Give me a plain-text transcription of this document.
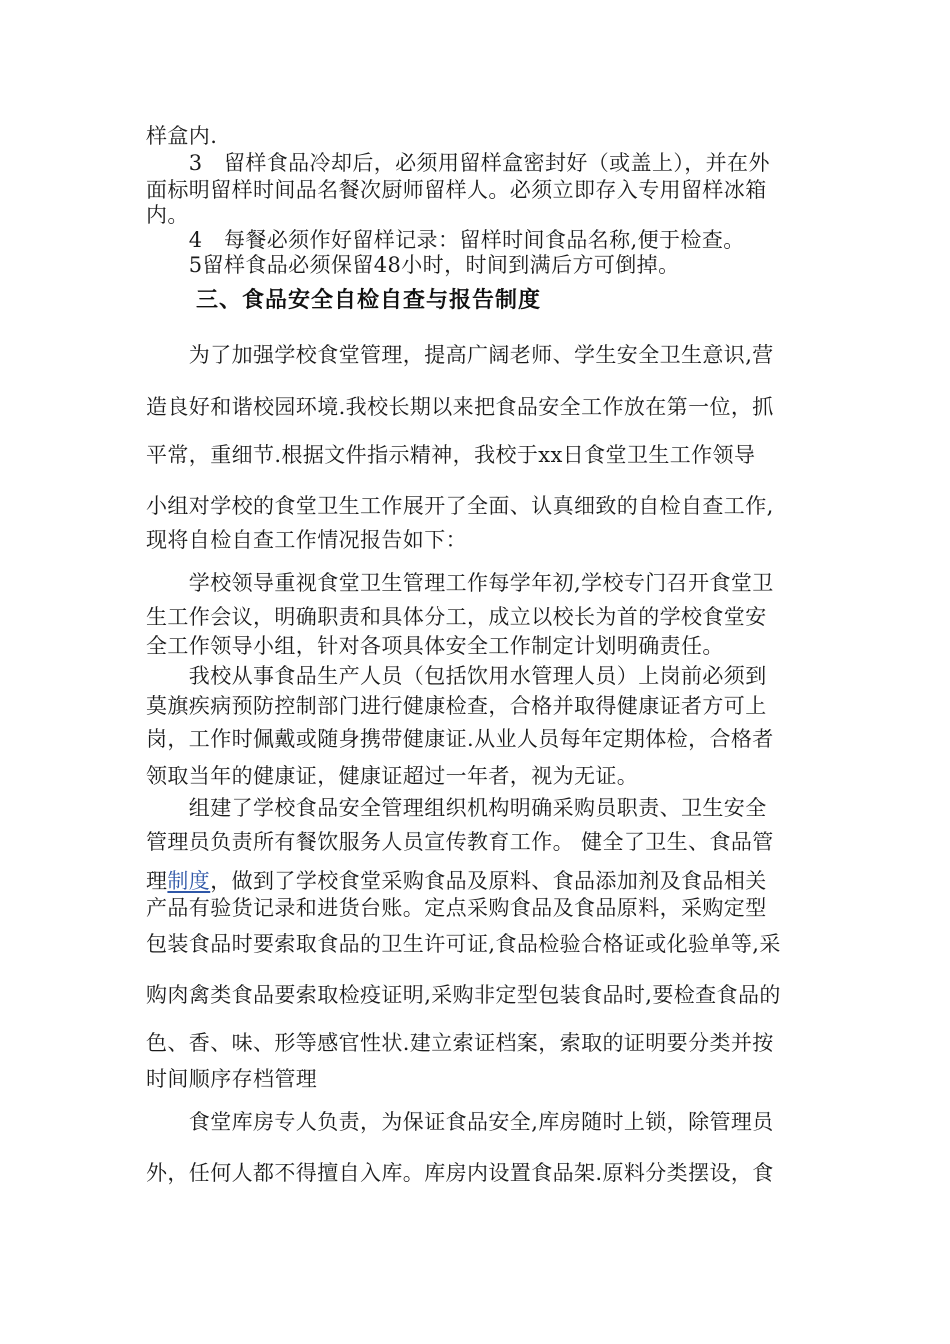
样盒内.
　　3　留样食品冷却后，必须用留样盒密封好（或盖上），并在外
面标明留样时间品名餐次厨师留样人。必须立即存入专用留样冰箱
内。
　　4　每餐必须作好留样记录：留样时间食品名称,便于检查。
　　5留样食品必须保留48小时，时间到满后方可倒掉。
三、食品安全自检自查与报告制度
　　为了加强学校食堂管理，提高广阔老师、学生安全卫生意识,营
造良好和谐校园环境.我校长期以来把食品安全工作放在第一位，抓
平常，重细节.根据文件指示精神，我校于xx日食堂卫生工作领导
小组对学校的食堂卫生工作展开了全面、认真细致的自检自查工作,
现将自检自查工作情况报告如下：
　　学校领导重视食堂卫生管理工作每学年初,学校专门召开食堂卫
生工作会议，明确职责和具体分工，成立以校长为首的学校食堂安
全工作领导小组，针对各项具体安全工作制定计划明确责任。
　　我校从事食品生产人员（包括饮用水管理人员）上岗前必须到
莫旗疾病预防控制部门进行健康检查，合格并取得健康证者方可上
岗，工作时佩戴或随身携带健康证.从业人员每年定期体检，合格者
领取当年的健康证，健康证超过一年者，视为无证。
　　组建了学校食品安全管理组织机构明确采购员职责、卫生安全
管理员负责所有餐饮服务人员宣传教育工作。 健全了卫生、食品管
理制度，做到了学校食堂采购食品及原料、食品添加剂及食品相关
产品有验货记录和进货台账。定点采购食品及食品原料，采购定型
包装食品时要索取食品的卫生许可证,食品检验合格证或化验单等,采
购肉禽类食品要索取检疫证明,采购非定型包装食品时,要检查食品的
色、香、味、形等感官性状.建立索证档案，索取的证明要分类并按
时间顺序存档管理
　　食堂库房专人负责，为保证食品安全,库房随时上锁，除管理员
外，任何人都不得擅自入库。库房内设置食品架.原料分类摆设，食
